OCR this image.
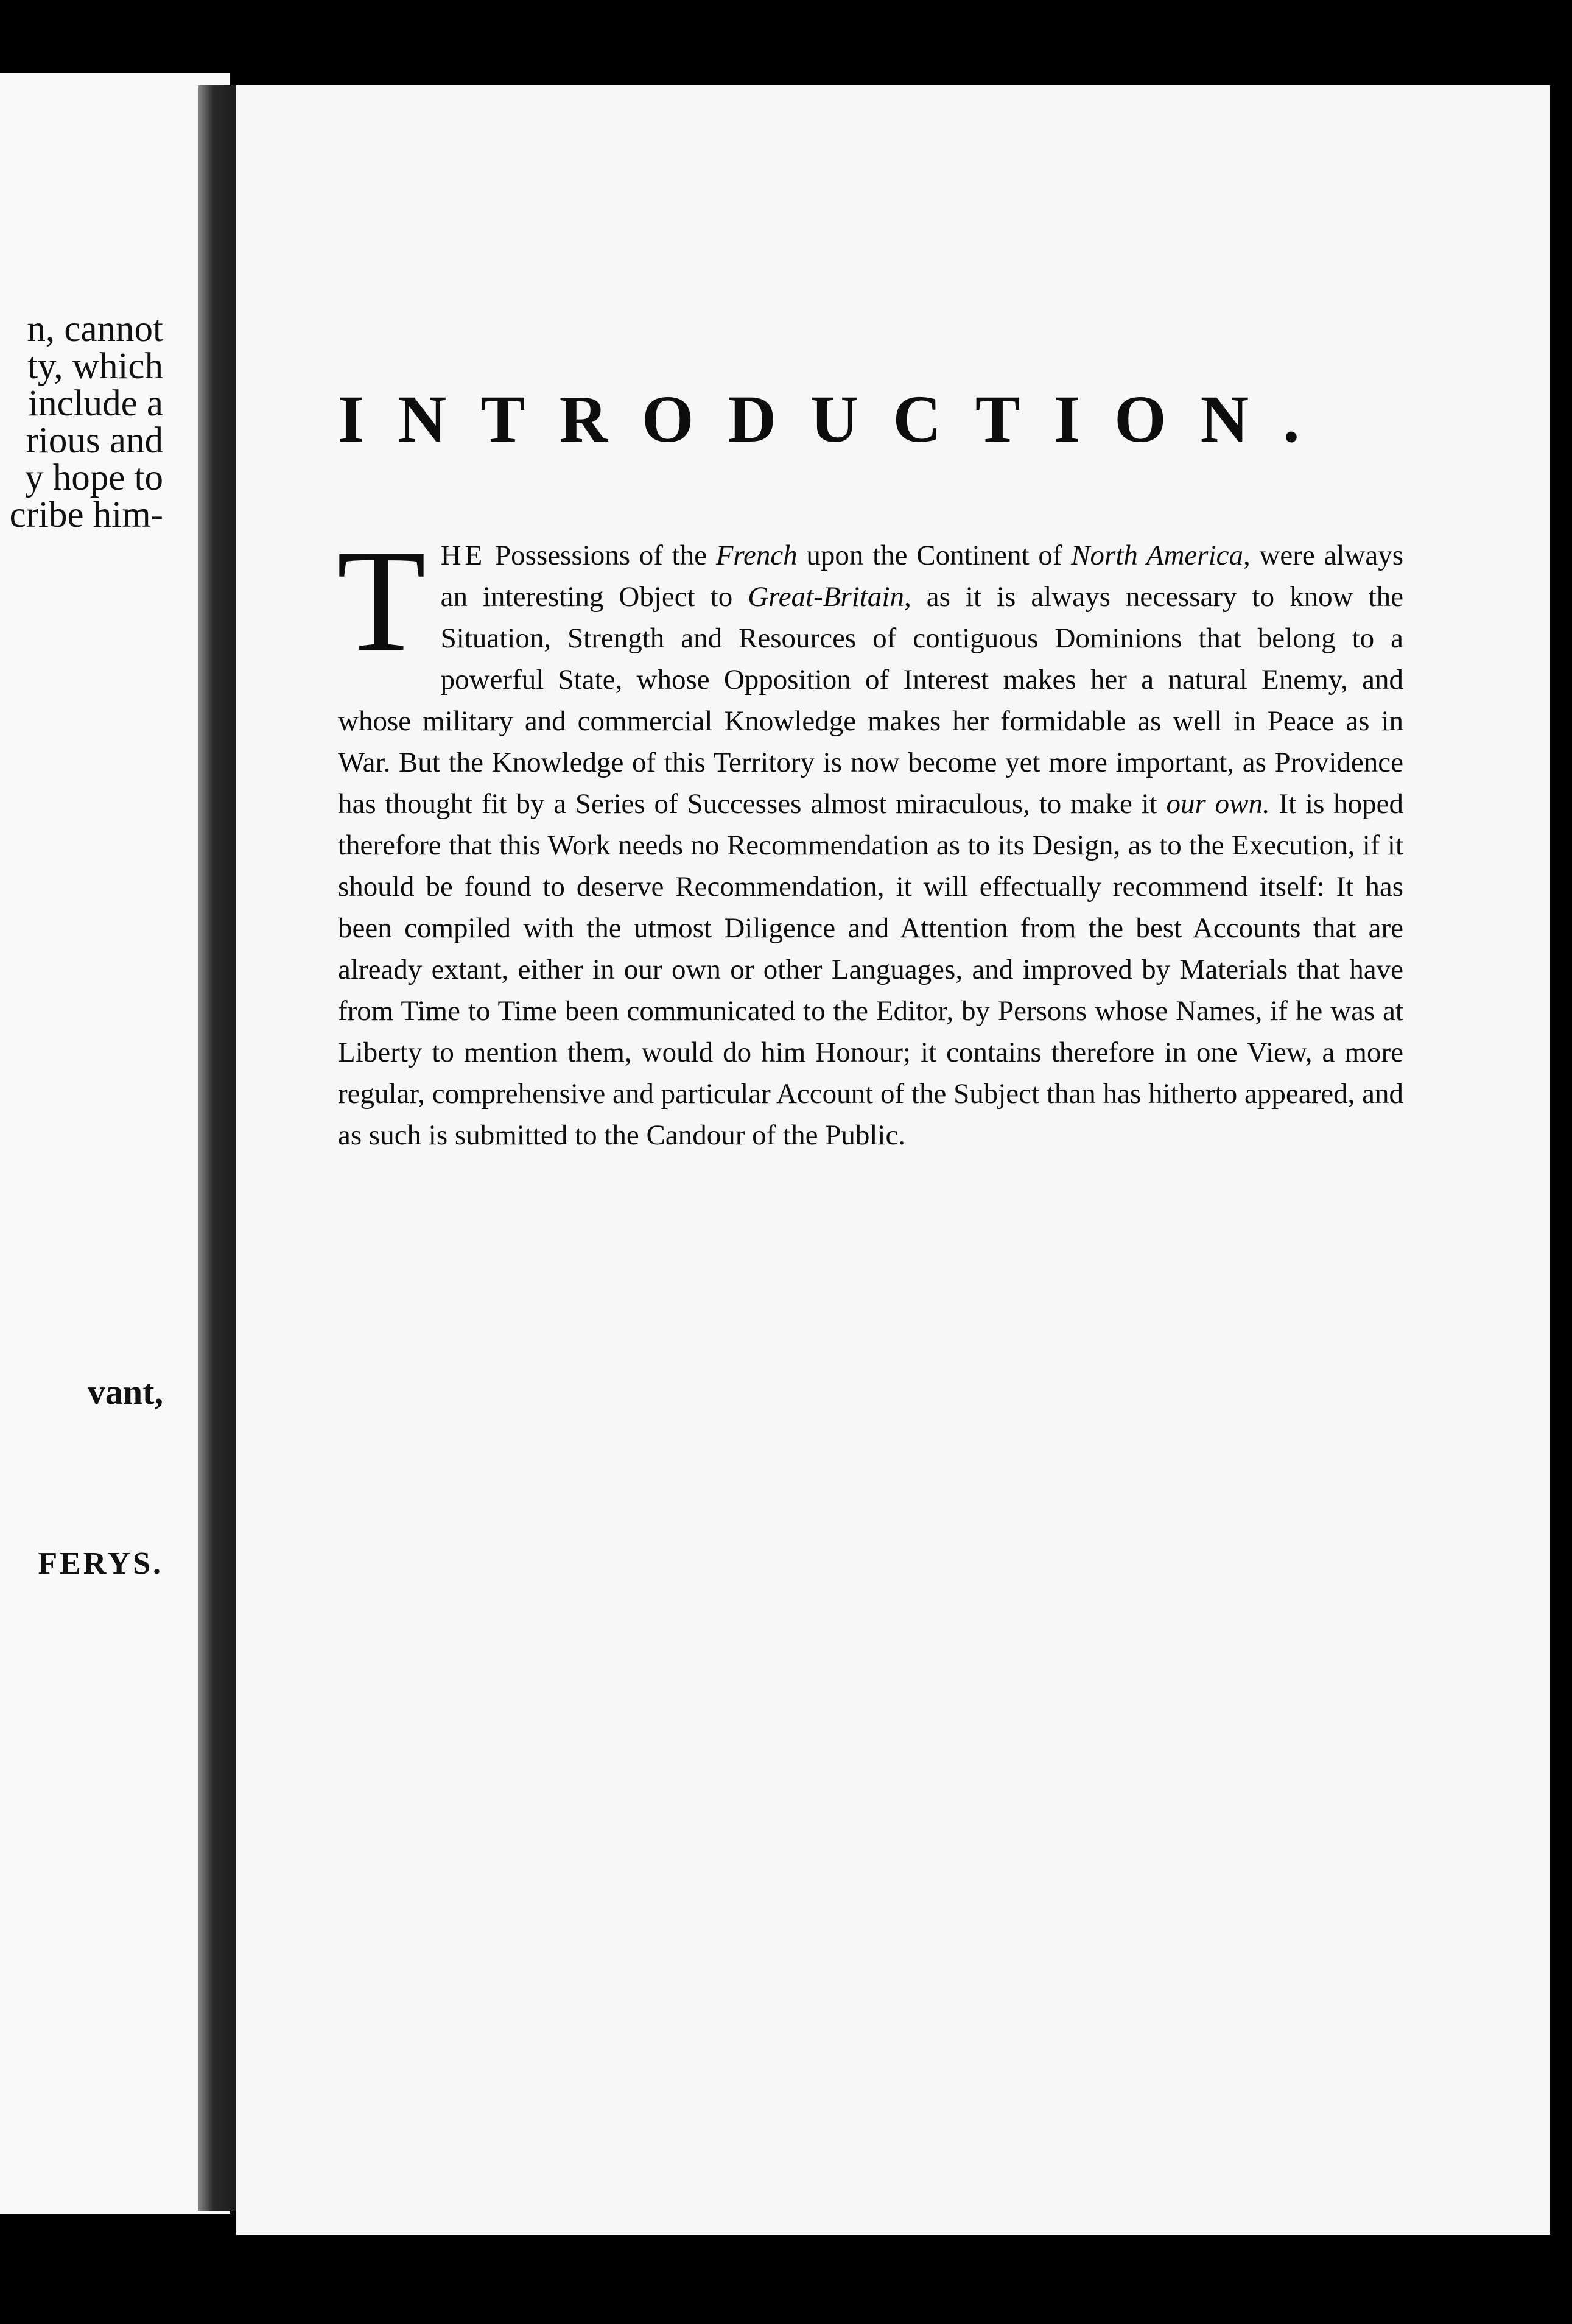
n, cannot
ty, which
include a
rious and
y hope to
cribe him-
vant,
FERYS.
INTRODUCTION.

THE Possessions of the French upon the Continent of North America, were always an interesting Object to Great-Britain, as it is always necessary to know the Situation, Strength and Resources of contiguous Dominions that belong to a powerful State, whose Opposition of Interest makes her a natural Enemy, and whose military and commercial Knowledge makes her formidable as well in Peace as in War. But the Knowledge of this Territory is now become yet more important, as Providence has thought fit by a Series of Successes almost miraculous, to make it our own. It is hoped therefore that this Work needs no Recommendation as to its Design, as to the Execution, if it should be found to deserve Recommendation, it will effectually recommend itself: It has been compiled with the utmost Diligence and Attention from the best Accounts that are already extant, either in our own or other Languages, and improved by Materials that have from Time to Time been communicated to the Editor, by Persons whose Names, if he was at Liberty to mention them, would do him Honour; it contains therefore in one View, a more regular, comprehensive and particular Account of the Subject than has hitherto appeared, and as such is submitted to the Candour of the Public.
